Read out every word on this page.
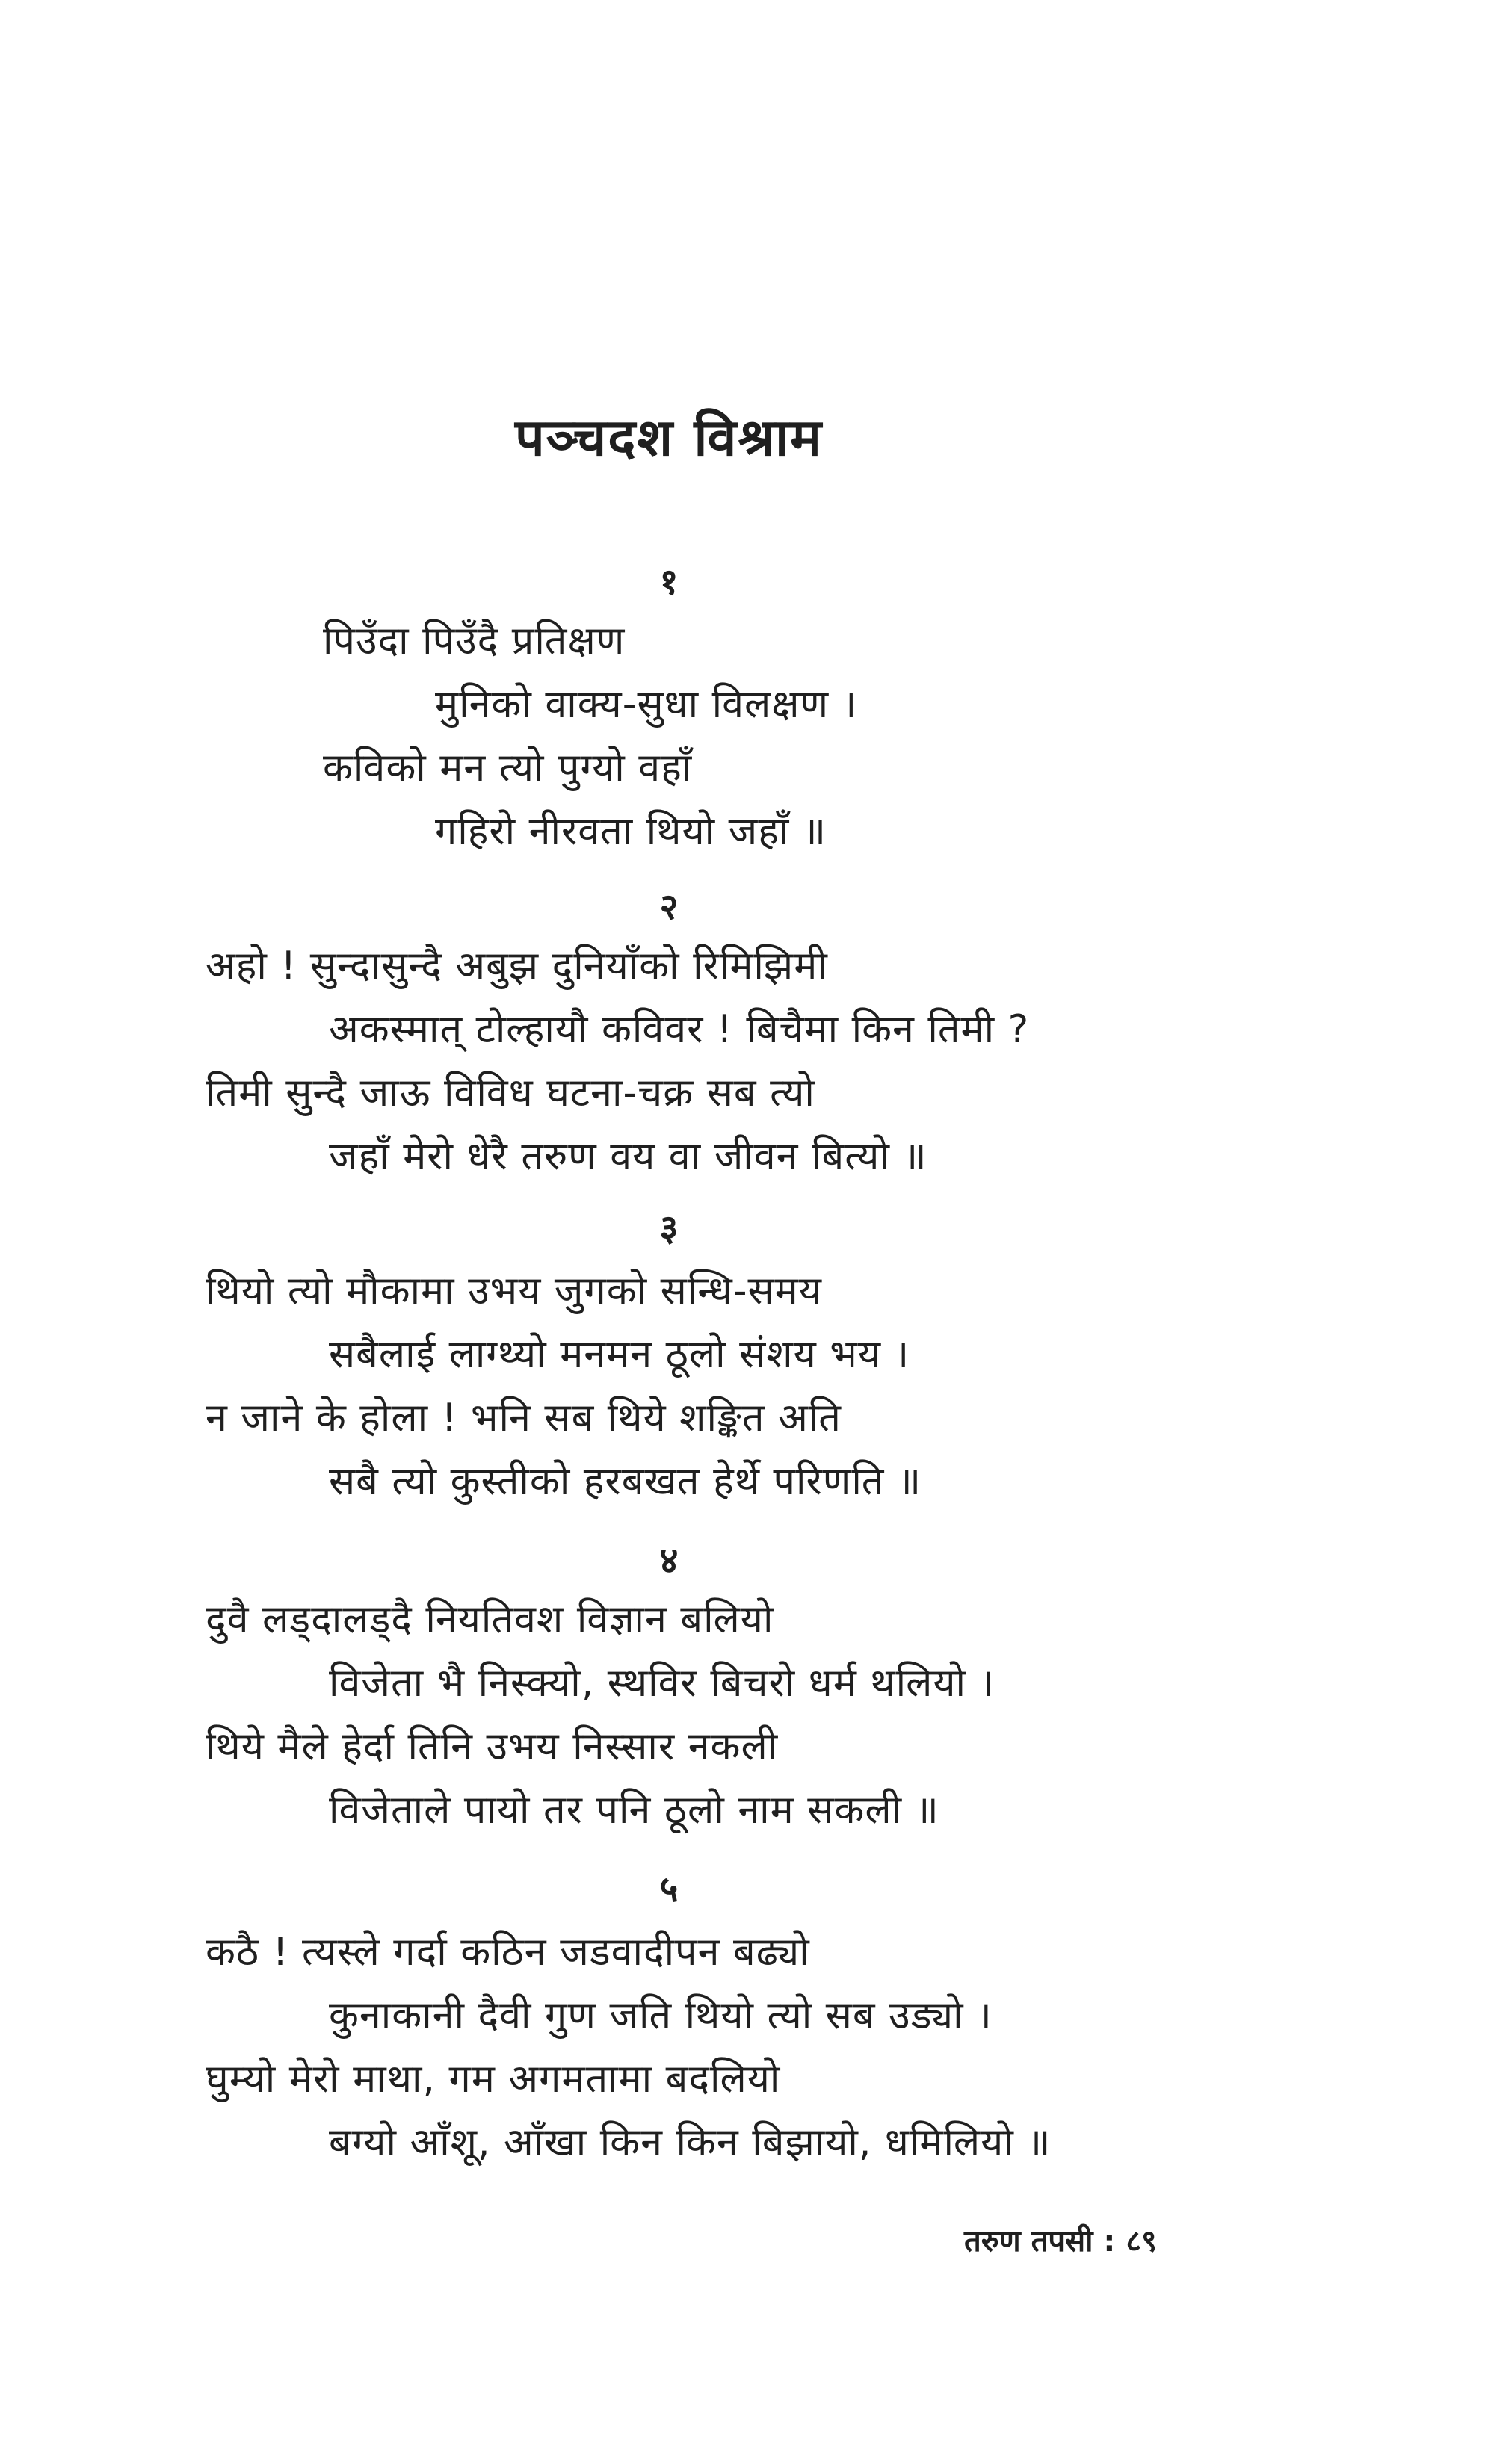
पञ्चदश विश्राम
१
पिउँदा पिउँदै प्रतिक्षण
मुनिको वाक्य-सुधा विलक्षण ।
कविको मन त्यो पुग्यो वहाँ
गहिरो नीरवता थियो जहाँ ॥
२
अहो ! सुन्दासुन्दै अबुझ दुनियाँको रिमिझिमी
अकस्मात् टोल्हायौ कविवर ! बिचैमा किन तिमी ?
तिमी सुन्दै जाऊ विविध घटना-चक्र सब त्यो
जहाँ मेरो धेरै तरुण वय वा जीवन बित्यो ॥
३
थियो त्यो मौकामा उभय जुगको सन्धि-समय
सबैलाई लाग्थ्यो मनमन ठूलो संशय भय ।
न जाने के होला ! भनि सब थिये शङ्कित अति
सबै त्यो कुस्तीको हरबखत हेर्थे परिणति ॥
४
दुवै लड्दालड्दै नियतिवश विज्ञान बलियो
विजेता भै निस्क्यो, स्थविर बिचरो धर्म थलियो ।
थिये मैले हेर्दा तिनि उभय निस्सार नकली
विजेताले पायो तर पनि ठूलो नाम सकली ॥
५
कठै ! त्यस्ले गर्दा कठिन जडवादीपन बढ्यो
कुनाकानी दैवी गुण जति थियो त्यो सब उड्यो ।
घुम्यो मेरो माथा, गम अगमतामा बदलियो
बग्यो आँशू, आँखा किन किन बिझायो, धमिलियो ॥
तरुण तपसी : ८९
